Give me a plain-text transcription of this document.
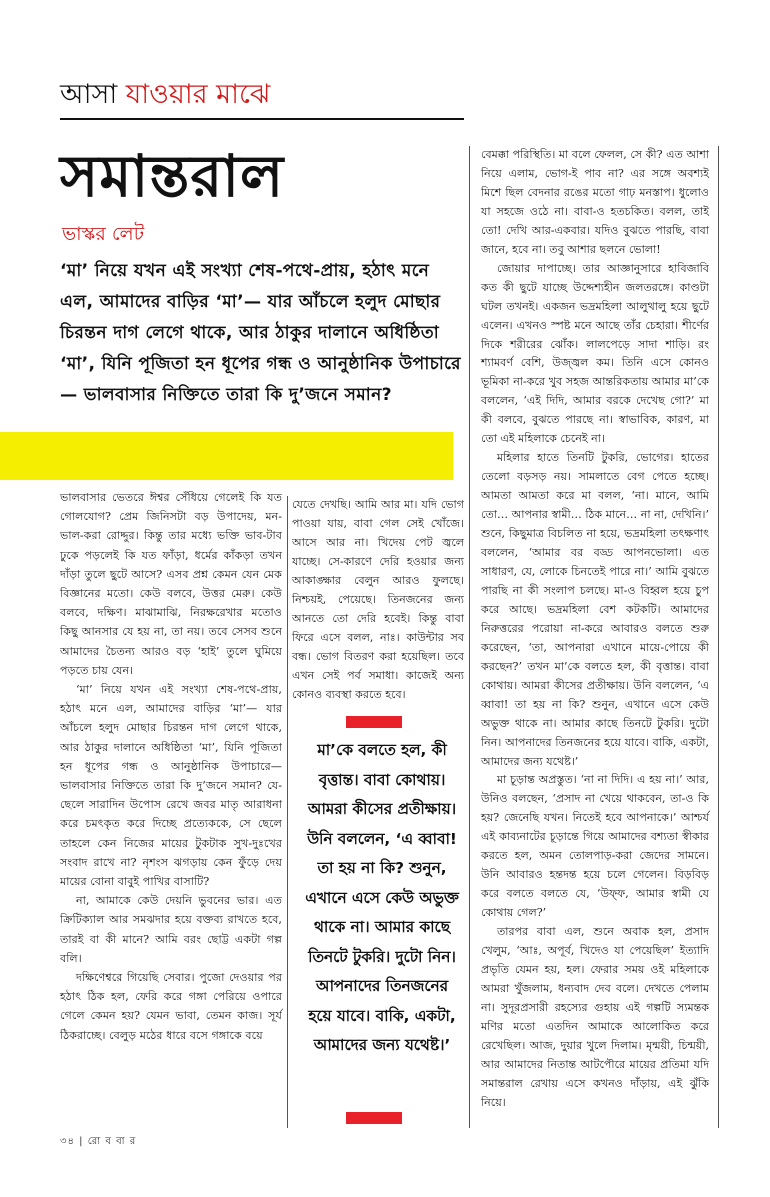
আসা যাওয়ার মাঝে
সমান্তরাল
ভাস্কর লেট
‘মা’ নিয়ে যখন এই সংখ্যা শেষ-পথে-প্রায়, হঠাৎ মনে এল, আমাদের বাড়ির ‘মা’— যার আঁচলে হলুদ মোছার চিরন্তন দাগ লেগে থাকে, আর ঠাকুর দালানে অধিষ্ঠিতা ‘মা’, যিনি পূজিতা হন ধূপের গন্ধ ও আনুষ্ঠানিক উপাচারে— ভালবাসার নিক্তিতে তারা কি দু’জনে সমান?

ভালবাসার ভেতরে ঈশ্বর সেঁধিয়ে গেলেই কি যত গোলযোগ? প্রেম জিনিসটা বড় উপাদেয়, মন-ভাল-করা রোদ্দুর। কিন্তু তার মধ্যে ভক্তি ভাব-টাব ঢুকে পড়লেই কি যত ফাঁড়া, ধর্মের কাঁকড়া তখন দাঁড়া তুলে ছুটে আসে? এসব প্রশ্ন কেমন যেন মেক বিজ্ঞানের মতো। কেউ বলবে, উত্তর মেরু। কেউ বলবে, দক্ষিণ। মাঝামাঝি, নিরক্ষরেখার মতোও কিছু আনসার যে হয় না, তা নয়। তবে সেসব শুনে আমাদের চৈতন্য আরও বড় ‘হাই’ তুলে ঘুমিয়ে পড়তে চায় যেন।

‘মা’ নিয়ে যখন এই সংখ্যা শেষ-পথে-প্রায়, হঠাৎ মনে এল, আমাদের বাড়ির ‘মা’— যার আঁচলে হলুদ মোছার চিরন্তন দাগ লেগে থাকে, আর ঠাকুর দালানে অধিষ্ঠিতা ‘মা’, যিনি পূজিতা হন ধূপের গন্ধ ও আনুষ্ঠানিক উপাচারে— ভালবাসার নিক্তিতে তারা কি দু’জনে সমান? যে-ছেলে সারাদিন উপোস রেখে জবর মাতৃ আরাধনা করে চমৎকৃত করে দিচ্ছে প্রত্যেককে, সে ছেলে তাহলে কেন নিজের মায়ের টুকটাক সুখ-দুঃখের সংবাদ রাখে না? নৃশংস ঝগড়ায় কেন ফুঁড়ে দেয় মায়ের বোনা বাবুই পাখির বাসাটি?

না, আমাকে কেউ দেয়নি ভুবনের ভার। এত ক্রিটিক্যাল আর সমঝদার হয়ে বক্তব্য রাখতে হবে, তারই বা কী মানে? আমি বরং ছোট্ট একটা গল্প বলি।

দক্ষিণেশ্বরে গিয়েছি সেবার। পুজো দেওয়ার পর হঠাৎ ঠিক হল, ফেরি করে গঙ্গা পেরিয়ে ওপারে গেলে কেমন হয়? যেমন ভাবা, তেমন কাজ। সূর্য ঠিকরাচ্ছে। বেলুড় মঠের ধারে বসে গঙ্গাকে বয়ে

যেতে দেখছি। আমি আর মা। যদি ভোগ পাওয়া যায়, বাবা গেল সেই খোঁজে। আসে আর না। খিদেয় পেট জ্বলে যাচ্ছে। সে-কারণে দেরি হওয়ার জন্য আকাঙ্ক্ষার বেলুন আরও ফুলছে। নিশ্চয়ই, পেয়েছে। তিনজনের জন্য আনতে তো দেরি হবেই। কিন্তু বাবা ফিরে এসে বলল, নাঃ। কাউন্টার সব বন্ধ। ভোগ বিতরণ করা হয়েছিল। তবে এখন সেই পর্ব সমাধা। কাজেই অন্য কোনও ব্যবস্থা করতে হবে।

মা’কে বলতে হল, কী বৃত্তান্ত। বাবা কোথায়। আমরা কীসের প্রতীক্ষায়। উনি বললেন, ‘এ ব্বাবা! তা হয় না কি? শুনুন, এখানে এসে কেউ অভুক্ত থাকে না। আমার কাছে তিনটে টুকরি। দুটো নিন। আপনাদের তিনজনের হয়ে যাবে। বাকি, একটা, আমাদের জন্য যথেষ্ট।’

বেমক্কা পরিস্থিতি। মা বলে ফেলল, সে কী? এত আশা নিয়ে এলাম, ভোগ-ই পাব না? এর সঙ্গে অবশ্যই মিশে ছিল বেদনার রঙের মতো গাঢ় মনস্তাপ। ধুলোও যা সহজে ওঠে না। বাবা-ও হতচকিত। বলল, তাই তো! দেখি আর-একবার। যদিও বুঝতে পারছি, বাবা জানে, হবে না। তবু আশার ছলনে ভোলা!

জোয়ার দাপাচ্ছে। তার আজ্ঞানুসারে হাবিজাবি কত কী ছুটে যাচ্ছে উদ্দেশ্যহীন জলতরঙ্গে। কাণ্ডটা ঘটল তখনই। একজন ভদ্রমহিলা আলুথালু হয়ে ছুটে এলেন। এখনও স্পষ্ট মনে আছে তাঁর চেহারা। শীর্ণের দিকে শরীরের ঝোঁক। লালপেড়ে সাদা শাড়ি। রং শ্যামবর্ণ বেশি, উজ্জ্বল কম। তিনি এসে কোনও ভূমিকা না-করে খুব সহজ আন্তরিকতায় আমার মা’কে বললেন, ‘এই দিদি, আমার বরকে দেখেছ গো?’ মা কী বলবে, বুঝতে পারছে না। স্বাভাবিক, কারণ, মা তো এই মহিলাকে চেনেই না।

মহিলার হাতে তিনটি টুকরি, ভোগের। হাতের তেলো বড়সড় নয়। সামলাতে বেগ পেতে হচ্ছে। আমতা আমতা করে মা বলল, ‘না। মানে, আমি তো… আপনার স্বামী… ঠিক মানে… না না, দেখিনি।’ শুনে, কিছুমাত্র বিচলিত না হয়ে, ভদ্রমহিলা তৎক্ষণাৎ বললেন, ‘আমার বর বড্ড আপনভোলা। এত সাধারণ, যে, লোকে চিনতেই পারে না।’ আমি বুঝতে পারছি না কী সংলাপ চলছে। মা-ও বিহ্বল হয়ে চুপ করে আছে। ভদ্রমহিলা বেশ কটকটি। আমাদের নিরুত্তরের পরোয়া না-করে আবারও বলতে শুরু করেছেন, ‘তা, আপনারা এখানে মায়ে-পোয়ে কী করছেন?’ তখন মা’কে বলতে হল, কী বৃত্তান্ত। বাবা কোথায়। আমরা কীসের প্রতীক্ষায়। উনি বললেন, ‘এ ব্বাবা! তা হয় না কি? শুনুন, এখানে এসে কেউ অভুক্ত থাকে না। আমার কাছে তিনটে টুকরি। দুটো নিন। আপনাদের তিনজনের হয়ে যাবে। বাকি, একটা, আমাদের জন্য যথেষ্ট।’

মা চূড়ান্ত অপ্রস্তুত। ‘না না দিদি। এ হয় না।’ আর, উনিও বলছেন, ‘প্রসাদ না খেয়ে থাকবেন, তা-ও কি হয়? জেনেছি যখন। নিতেই হবে আপনাকে।’ আশ্চর্য এই কাব্যনাটের চূড়ান্তে গিয়ে আমাদের বশ্যতা স্বীকার করতে হল, অমন তোলপাড়-করা জেদের সামনে। উনি আবারও হন্তদন্ত হয়ে চলে গেলেন। বিড়বিড় করে বলতে বলতে যে, ‘উফ্ফ, আমার স্বামী যে কোথায় গেল?’

তারপর বাবা এল, শুনে অবাক হল, প্রসাদ খেলুম, ‘আঃ, অপূর্ব, খিদেও যা পেয়েছিল’ ইত্যাদি প্রভৃতি যেমন হয়, হল। ফেরার সময় ওই মহিলাকে আমরা খুঁজলাম, ধন্যবাদ দেব বলে। দেখতে পেলাম না। সুদূরপ্রসারী রহস্যের গুহায় এই গল্পটি স্যমন্তক মণির মতো এতদিন আমাকে আলোকিত করে রেখেছিল। আজ, দুয়ার খুলে দিলাম। মৃন্ময়ী, চিন্ময়ী, আর আমাদের নিতান্ত আটপৌরে মায়ের প্রতিমা যদি সমান্তরাল রেখায় এসে কখনও দাঁড়ায়, এই ঝুঁকি নিয়ে।

৩৪ | রো ব বা র
